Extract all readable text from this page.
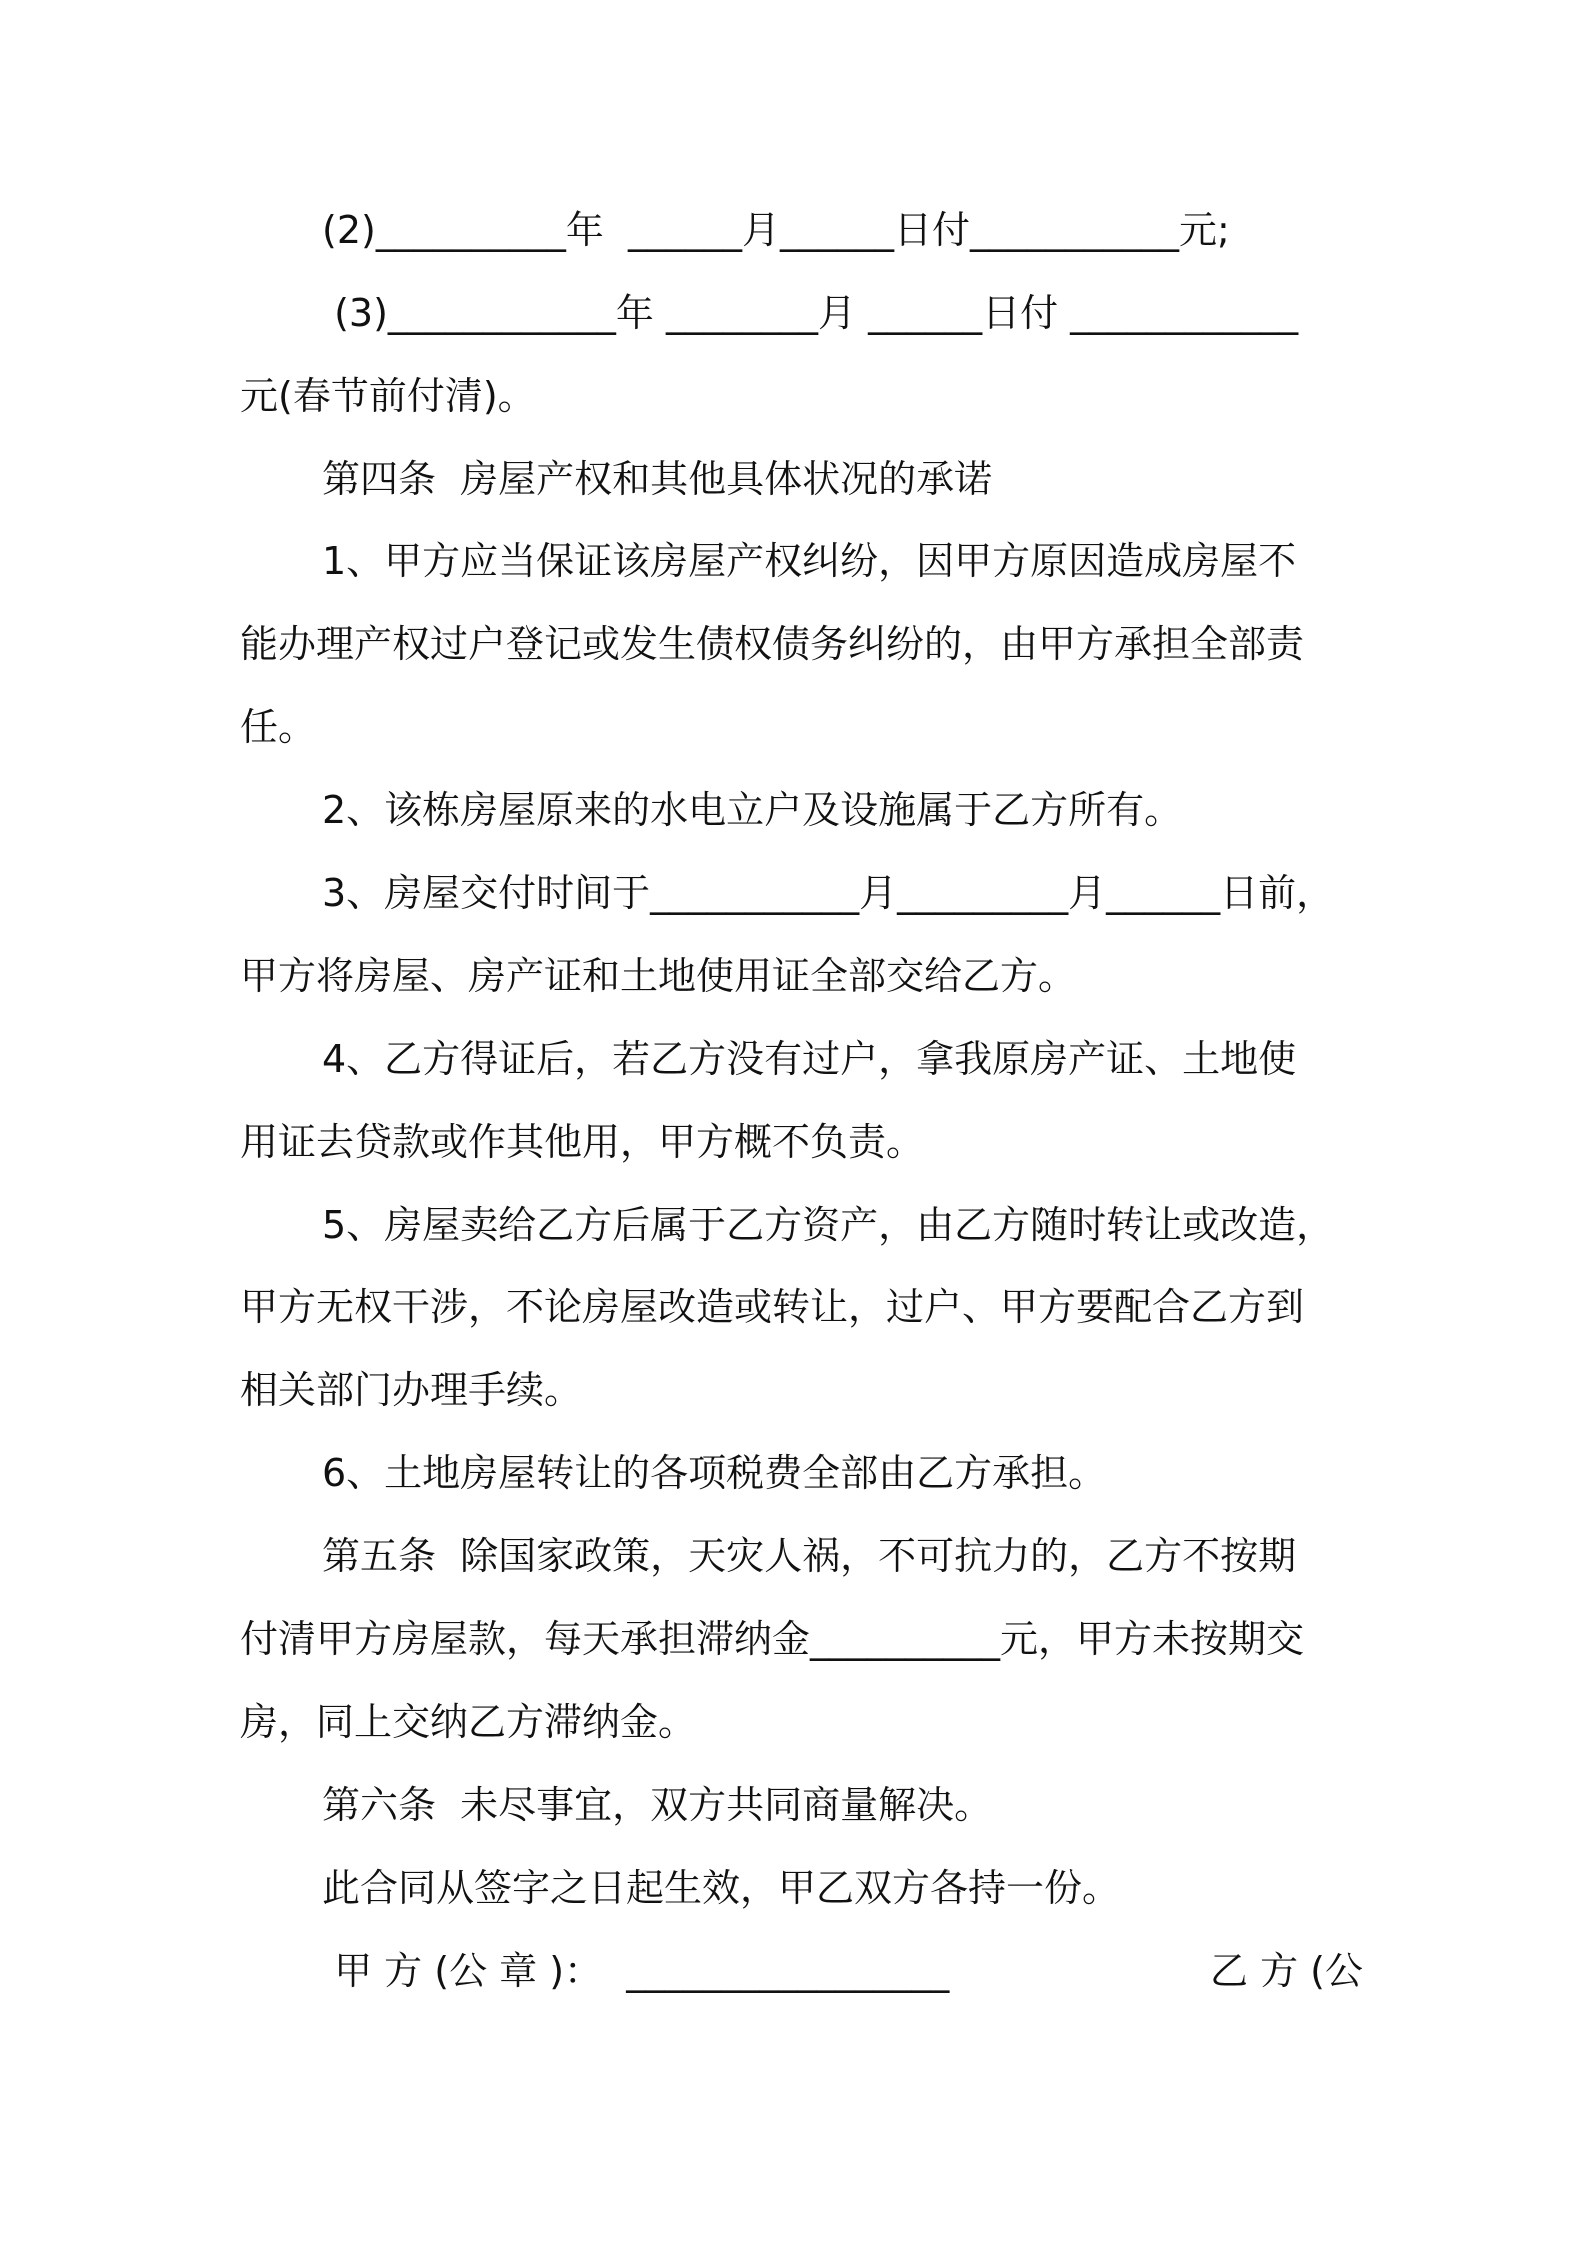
(2)__________年  ______月______日付___________元;
(3)____________年 ________月 ______日付 ____________
元(春节前付清)。
第四条  房屋产权和其他具体状况的承诺
1、甲方应当保证该房屋产权纠纷，因甲方原因造成房屋不
能办理产权过户登记或发生债权债务纠纷的，由甲方承担全部责
任。
2、该栋房屋原来的水电立户及设施属于乙方所有。
3、房屋交付时间于___________月_________月______日前，
甲方将房屋、房产证和土地使用证全部交给乙方。
4、乙方得证后，若乙方没有过户，拿我原房产证、土地使
用证去贷款或作其他用，甲方概不负责。
5、房屋卖给乙方后属于乙方资产，由乙方随时转让或改造，
甲方无权干涉，不论房屋改造或转让，过户、甲方要配合乙方到
相关部门办理手续。
6、土地房屋转让的各项税费全部由乙方承担。
第五条  除国家政策，天灾人祸，不可抗力的，乙方不按期
付清甲方房屋款，每天承担滞纳金__________元，甲方未按期交
房，同上交纳乙方滞纳金。
第六条  未尽事宜，双方共同商量解决。
此合同从签字之日起生效，甲乙双方各持一份。
甲 方 (公 章 )：  _________________	乙 方 (公
